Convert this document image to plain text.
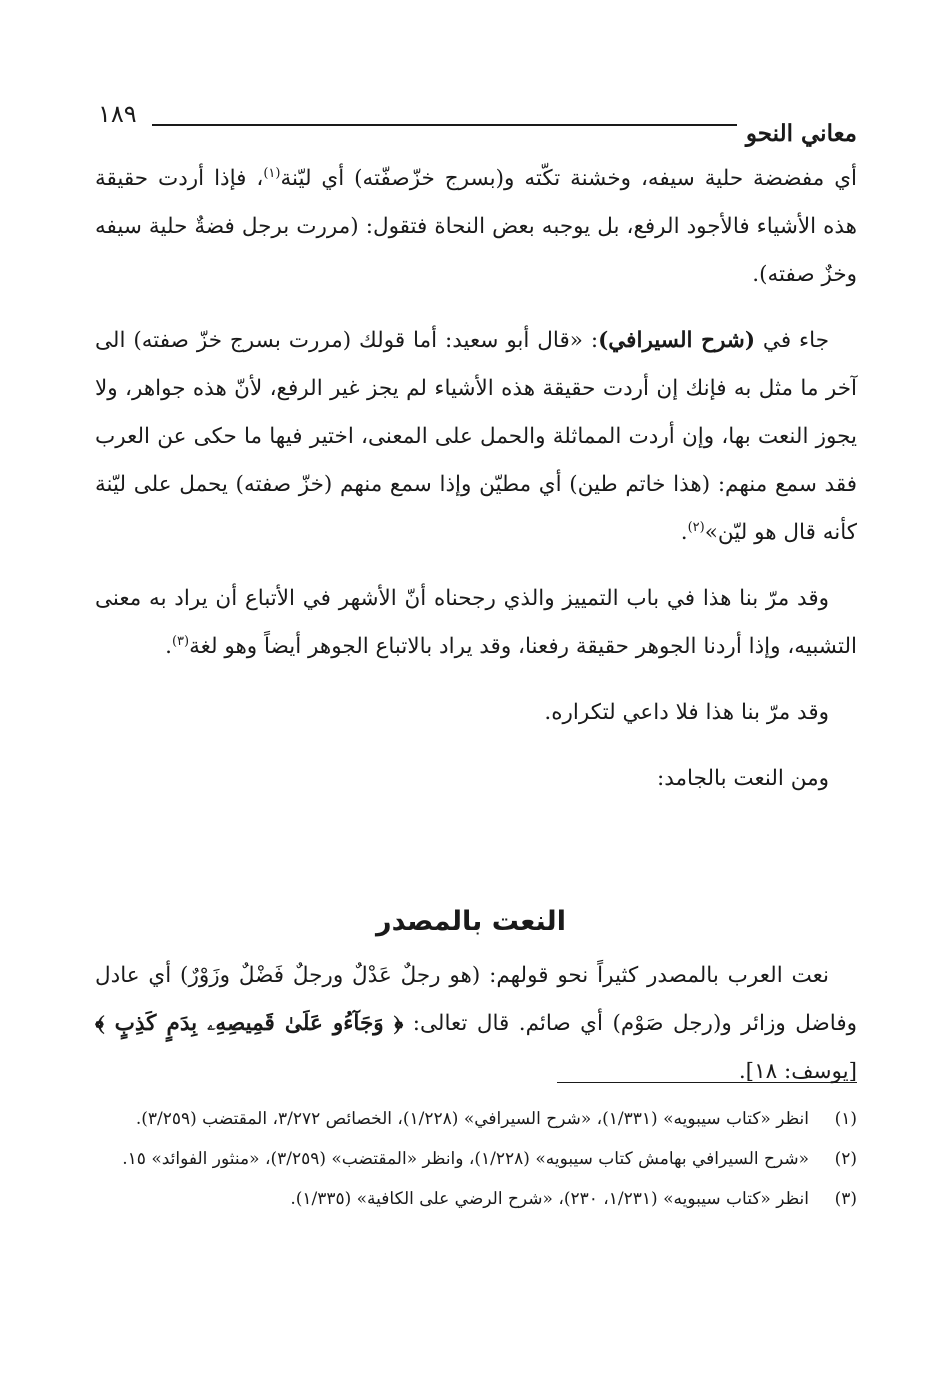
معاني النحو
١٨٩

أي مفضضة حلية سيفه، وخشنة تكّته و(بسرج خزّصفّته) أي ليّنة$^{(١)}$، فإذا أردت حقيقة هذه الأشياء فالأجود الرفع، بل يوجبه بعض النحاة فتقول: (مررت برجل فضةٌ حلية سيفه وخزٌ صفته).

جاء في (شرح السيرافي): «قال أبو سعيد: أما قولك (مررت بسرج خزّ صفته) الى آخر ما مثل به فإنك إن أردت حقيقة هذه الأشياء لم يجز غير الرفع، لأنّ هذه جواهر، ولا يجوز النعت بها، وإن أردت المماثلة والحمل على المعنى، اختير فيها ما حكى عن العرب فقد سمع منهم: (هذا خاتم طين) أي مطيّن وإذا سمع منهم (خزّ صفته) يحمل على ليّنة كأنه قال هو ليّن»$^{(٢)}$.

وقد مرّ بنا هذا في باب التمييز والذي رجحناه أنّ الأشهر في الأتباع أن يراد به معنى التشبيه، وإذا أردنا الجوهر حقيقة رفعنا، وقد يراد بالاتباع الجوهر أيضاً وهو لغة$^{(٣)}$.

وقد مرّ بنا هذا فلا داعي لتكراره.

ومن النعت بالجامد:

النعت بالمصدر

نعت العرب بالمصدر كثيراً نحو قولهم: (هو رجلٌ عَدْلٌ ورجلٌ فَضْلٌ وزَوْرٌ) أي عادل وفاضل وزائر و(رجل صَوْم) أي صائم. قال تعالى: ﴿ وَجَآءُو عَلَىٰ قَمِيصِهِۦ بِدَمٍ كَذِبٍ ﴾ [يوسف: ١٨].

(١)
انظر «كتاب سيبويه» (١/٣٣١)، «شرح السيرافي» (١/٢٢٨)، الخصائص ٣/٢٧٢، المقتضب (٣/٢٥٩).
(٢)
«شرح السيرافي بهامش كتاب سيبويه» (١/٢٢٨)، وانظر «المقتضب» (٣/٢٥٩)، «منثور الفوائد» ١٥.
(٣)
انظر «كتاب سيبويه» (١/٢٣١، ٢٣٠)، «شرح الرضي على الكافية» (١/٣٣٥).
